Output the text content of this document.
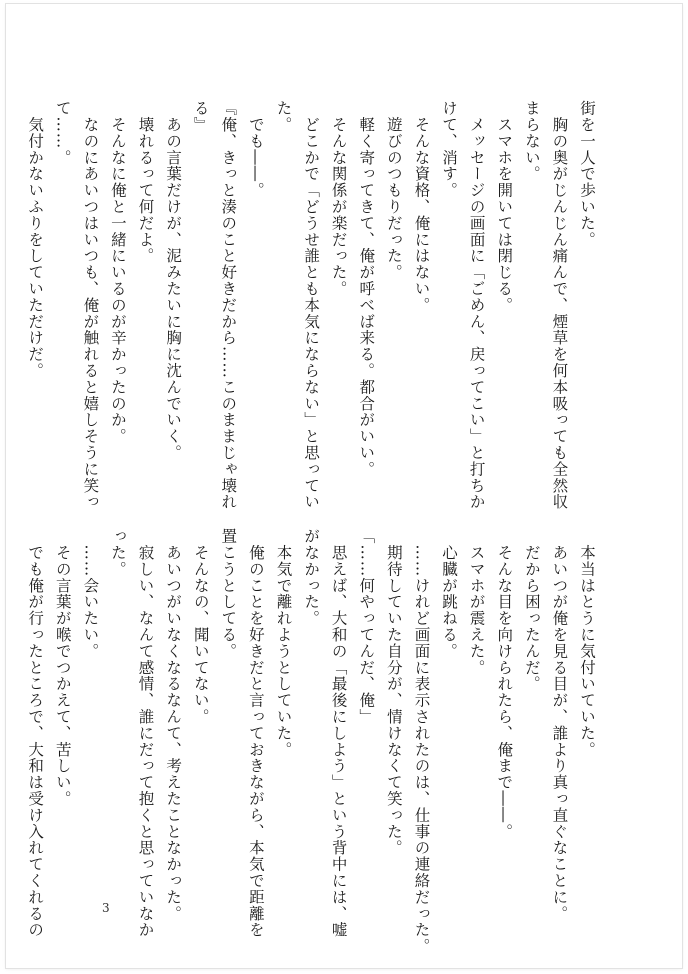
街を一人で歩いた。

　胸の奥がじんじん痛んで、煙草を何本吸っても全然収

まらない。

　スマホを開いては閉じる。

　メッセージの画面に「ごめん、戻ってこい」と打ちか

けて、消す。

　そんな資格、俺にはない。

　遊びのつもりだった。

　軽く寄ってきて、俺が呼べば来る。都合がいい。

　そんな関係が楽だった。

　どこかで「どうせ誰とも本気にならない」と思ってい

た。

　でも――。

『俺、きっと湊のこと好きだから……このままじゃ壊れ

る』

　あの言葉だけが、泥みたいに胸に沈んでいく。

　壊れるって何だよ。

　そんなに俺と一緒にいるのが辛かったのか。

　なのにあいつはいつも、俺が触れると嬉しそうに笑っ

て……。

　気付かないふりをしていただけだ。

　本当はとうに気付いていた。

　あいつが俺を見る目が、誰より真っ直ぐなことに。

　だから困ったんだ。

　そんな目を向けられたら、俺まで――。

　スマホが震えた。

　心臓が跳ねる。

　……けれど画面に表示されたのは、仕事の連絡だった。

　期待していた自分が、情けなくて笑った。

「……何やってんだ、俺」

　思えば、大和の「最後にしよう」という背中には、嘘

がなかった。

　本気で離れようとしていた。

　俺のことを好きだと言っておきながら、本気で距離を

置こうとしてる。

　そんなの、聞いてない。

　あいつがいなくなるなんて、考えたことなかった。

　寂しい、なんて感情、誰にだって抱くと思っていなか

った。

　……会いたい。

　その言葉が喉でつかえて、苦しい。

　でも俺が行ったところで、大和は受け入れてくれるの	3
